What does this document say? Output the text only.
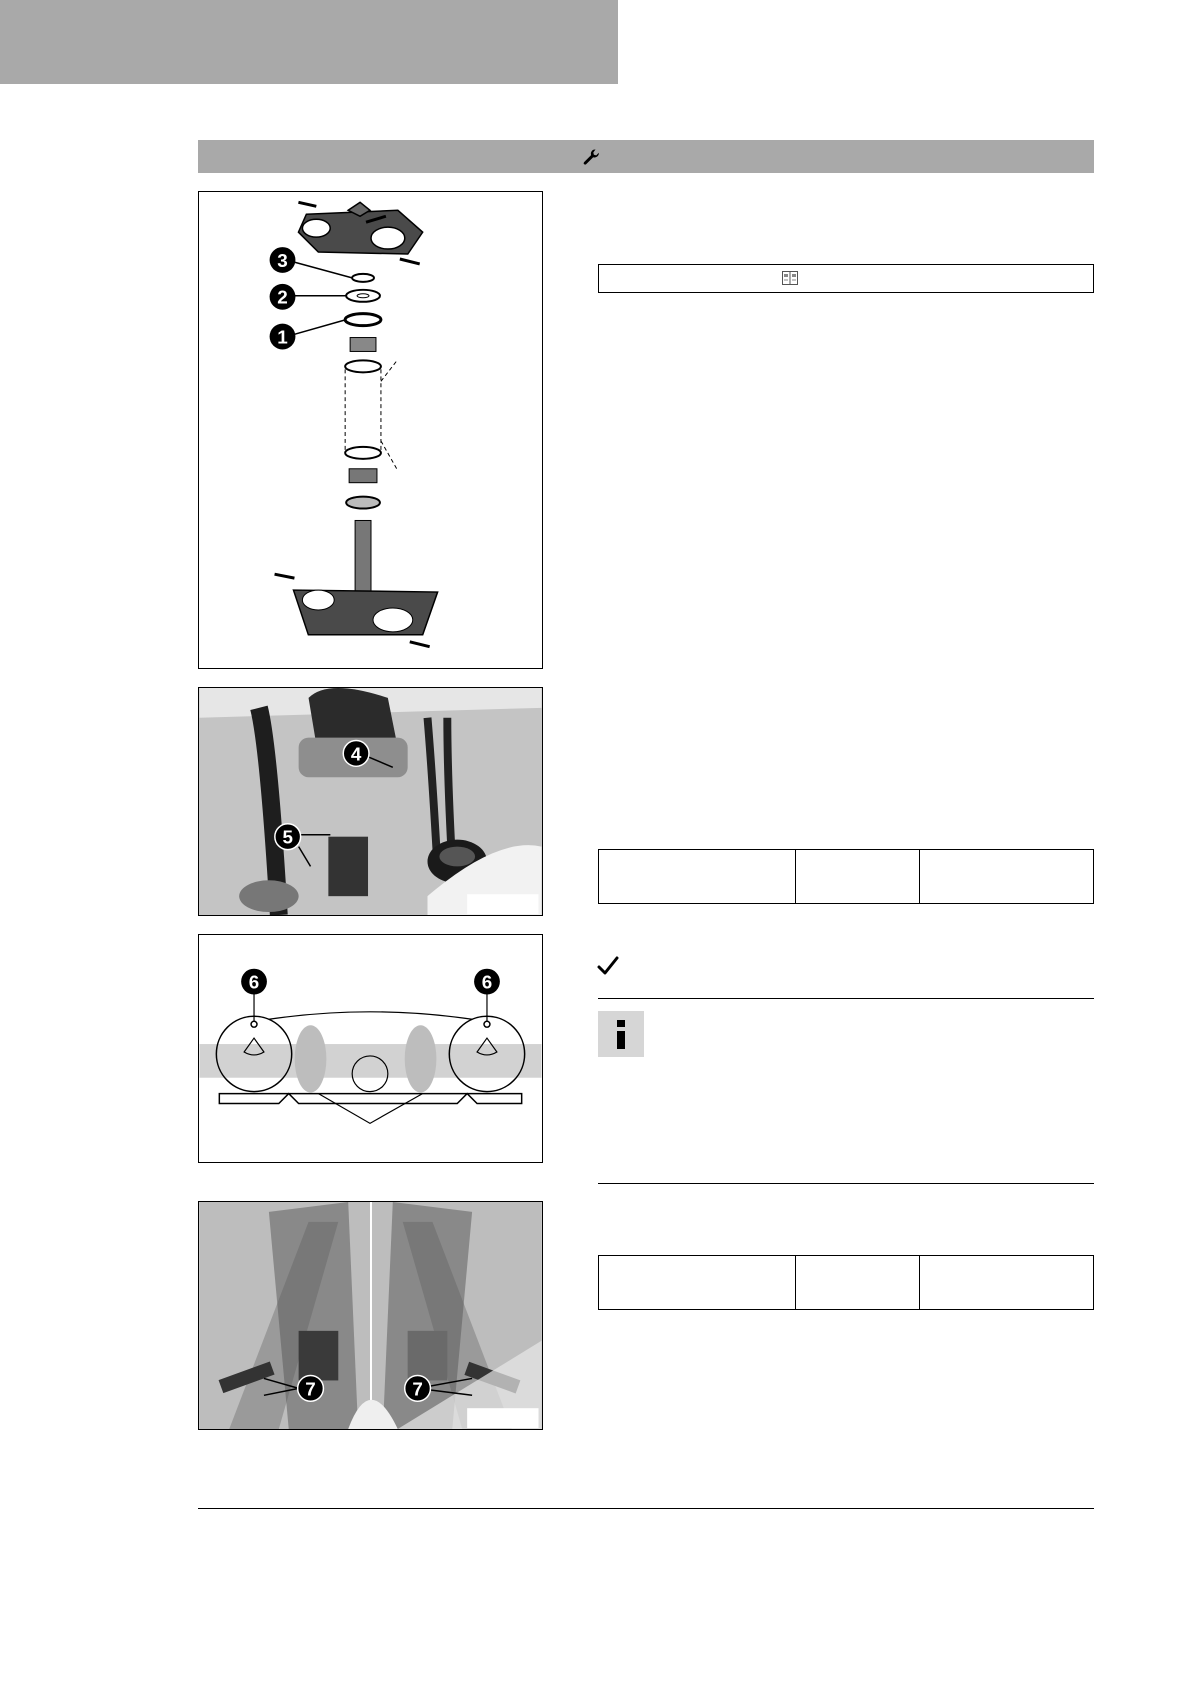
3
2
1
4
5
6	6
7	7
